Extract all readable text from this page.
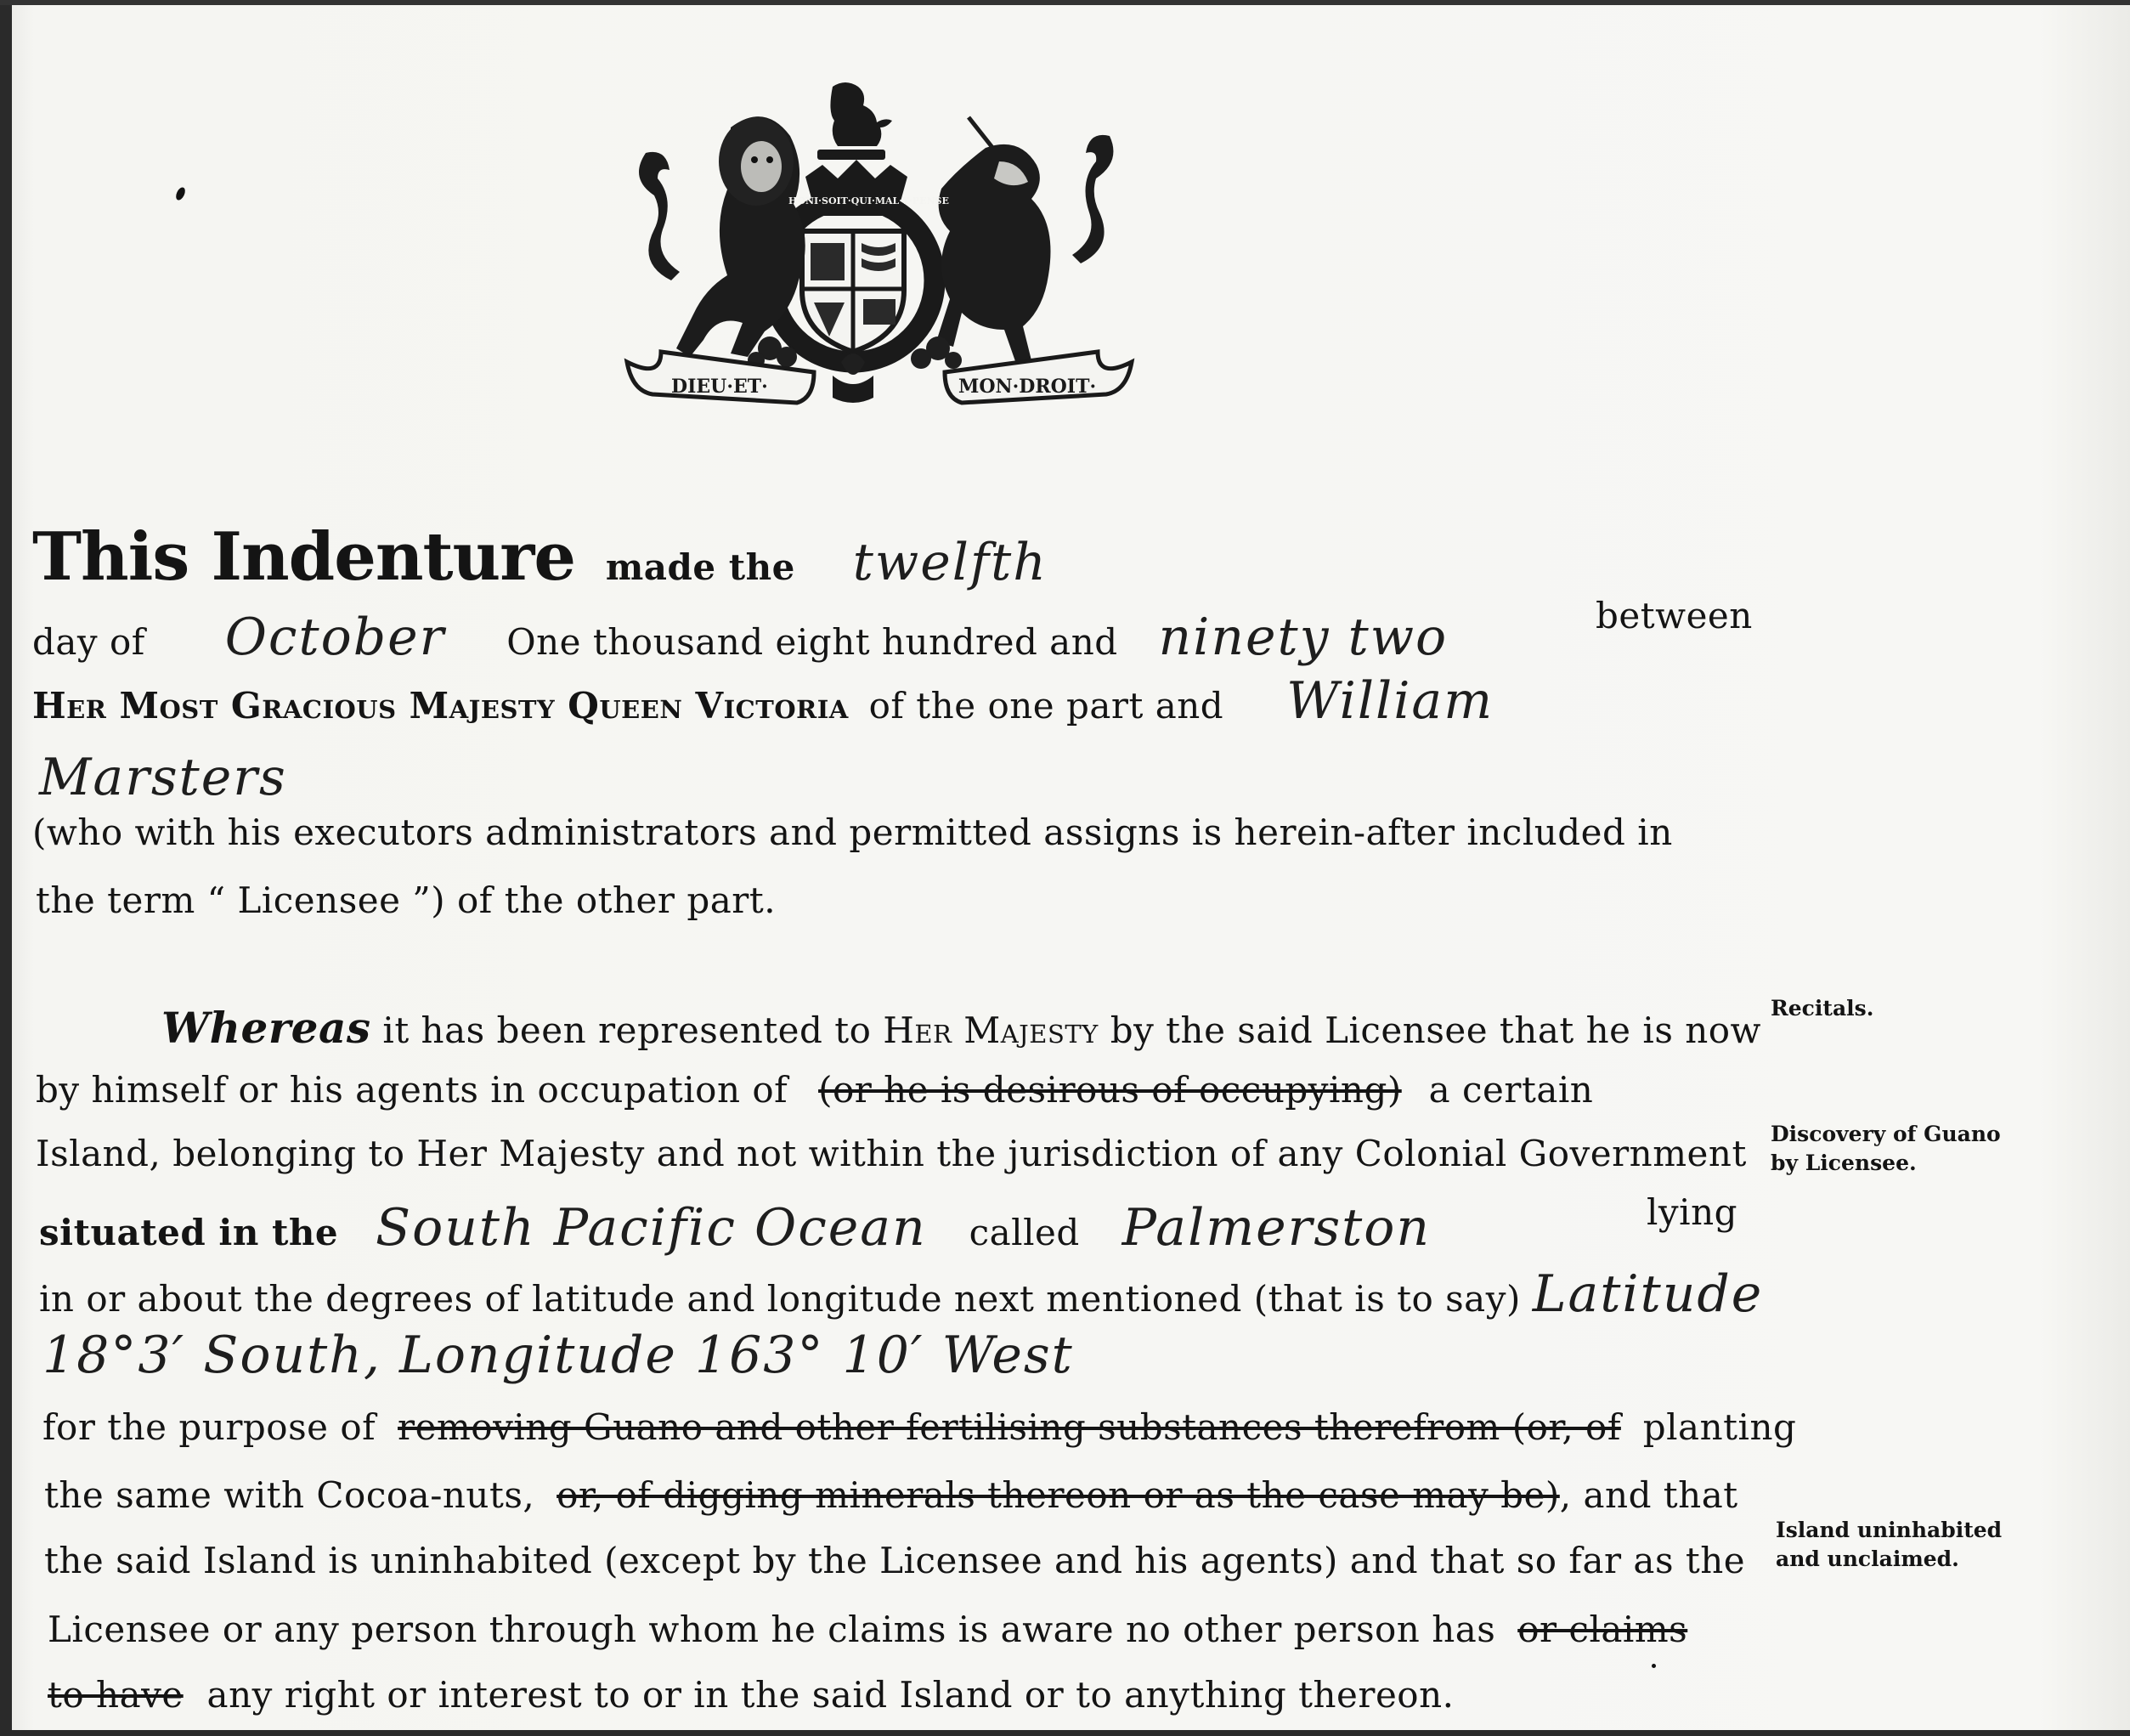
DIEU·ET·	MON·DROIT·
HONI·SOIT·QUI·MAL·Y·PENSE
This Indenture made the twelfth
day of October One thousand eight hundred and ninety two	between
Her Most Gracious Majesty Queen Victoria of the one part and William
Marsters
(who with his executors administrators and permitted assigns is herein-after included in
the term “ Licensee ”) of the other part.
Whereas it has been represented to Her Majesty by the said Licensee that he is now
by himself or his agents in occupation of (or he is desirous of occupying) a certain
Island, belonging to Her Majesty and not within the jurisdiction of any Colonial Government
situated in the South Pacific Ocean called Palmerston	lying
in or about the degrees of latitude and longitude next mentioned (that is to say) Latitude
18°3′ South, Longitude 163° 10′ West
for the purpose of removing Guano and other fertilising substances therefrom (or, of planting
the same with Cocoa-nuts, or, of digging minerals thereon or as the case may be), and that
the said Island is uninhabited (except by the Licensee and his agents) and that so far as the
Licensee or any person through whom he claims is aware no other person has or claims
to have any right or interest to or in the said Island or to anything thereon.
Recitals.
Discovery of Guano
by Licensee.
Island uninhabited
and unclaimed.
